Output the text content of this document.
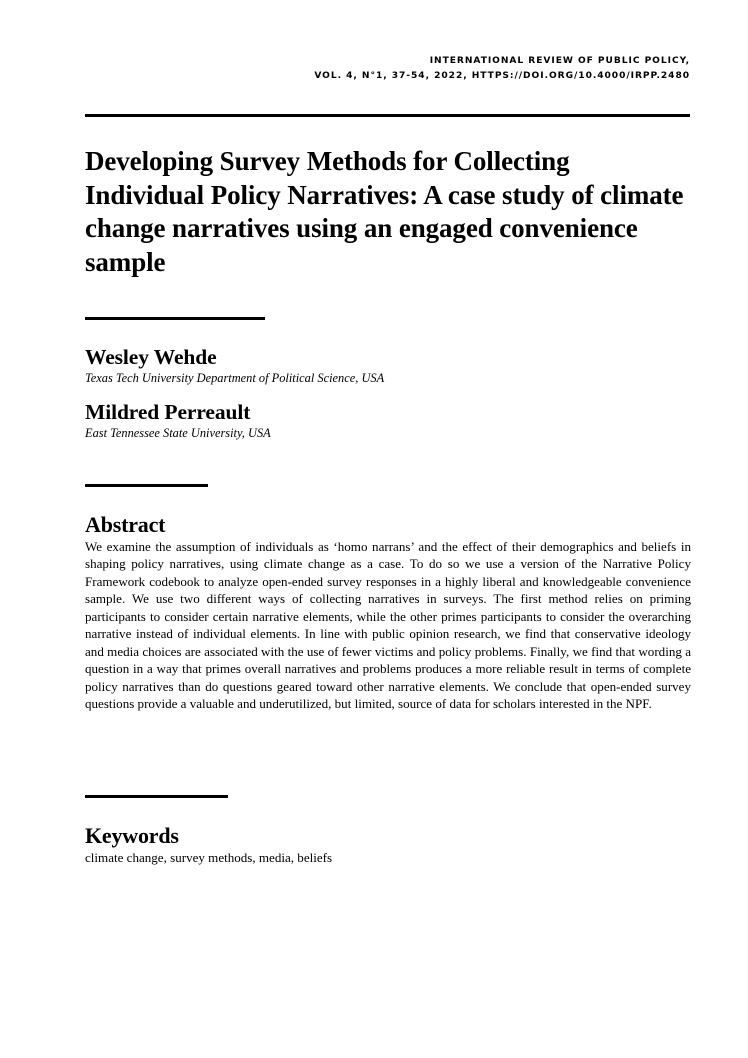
INTERNATIONAL REVIEW OF PUBLIC POLICY,
VOL. 4, N°1, 37-54, 2022, HTTPS://DOI.ORG/10.4000/IRPP.2480
Developing Survey Methods for Collecting Individual Policy Narratives: A case study of climate change narratives using an engaged convenience sample

Wesley Wehde

Texas Tech University Department of Political Science, USA

Mildred Perreault

East Tennessee State University, USA

Abstract

We examine the assumption of individuals as ‘homo narrans’ and the effect of their demographics and beliefs in shaping policy narratives, using climate change as a case. To do so we use a version of the Narrative Policy Framework codebook to analyze open-ended survey responses in a highly liberal and knowledgeable convenience sample. We use two different ways of collecting narratives in surveys. The first method relies on priming participants to consider certain narrative elements, while the other primes participants to consider the overarching narrative instead of individual elements. In line with public opinion research, we find that conservative ideology and media choices are associated with the use of fewer victims and policy problems. Finally, we find that wording a question in a way that primes overall narratives and problems produces a more reliable result in terms of complete policy narratives than do questions geared toward other narrative elements. We conclude that open-ended survey questions provide a valuable and underutilized, but limited, source of data for scholars interested in the NPF.

Keywords

climate change, survey methods, media, beliefs
